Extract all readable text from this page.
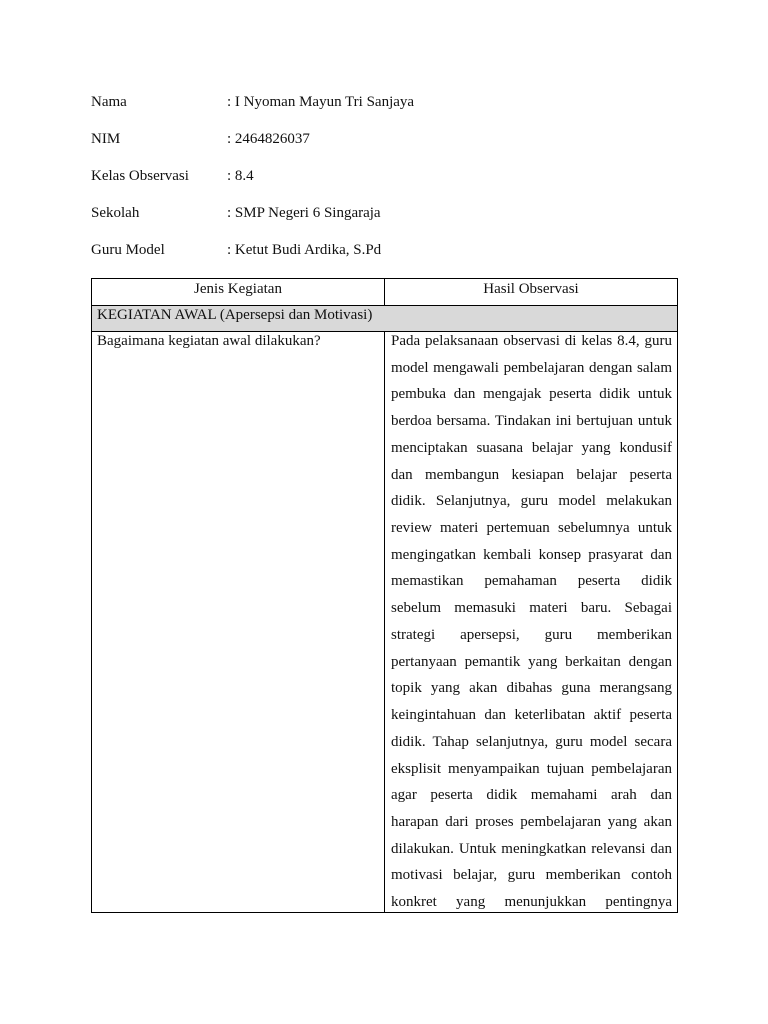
Nama	: I Nyoman Mayun Tri Sanjaya
NIM	: 2464826037
Kelas Observasi	: 8.4
Sekolah	: SMP Negeri 6 Singaraja
Guru Model	: Ketut Budi Ardika, S.Pd
Jenis Kegiatan	Hasil Observasi
KEGIATAN AWAL (Apersepsi dan Motivasi)
Bagaimana kegiatan awal dilakukan?	Pada pelaksanaan observasi di kelas 8.4, guru
model mengawali pembelajaran dengan salam
pembuka dan mengajak peserta didik untuk
berdoa bersama. Tindakan ini bertujuan untuk
menciptakan suasana belajar yang kondusif
dan membangun kesiapan belajar peserta
didik. Selanjutnya, guru model melakukan
review materi pertemuan sebelumnya untuk
mengingatkan kembali konsep prasyarat dan
memastikan pemahaman peserta didik
sebelum memasuki materi baru. Sebagai
strategi apersepsi, guru memberikan
pertanyaan pemantik yang berkaitan dengan
topik yang akan dibahas guna merangsang
keingintahuan dan keterlibatan aktif peserta
didik. Tahap selanjutnya, guru model secara
eksplisit menyampaikan tujuan pembelajaran
agar peserta didik memahami arah dan
harapan dari proses pembelajaran yang akan
dilakukan. Untuk meningkatkan relevansi dan
motivasi belajar, guru memberikan contoh
konkret yang menunjukkan pentingnya
